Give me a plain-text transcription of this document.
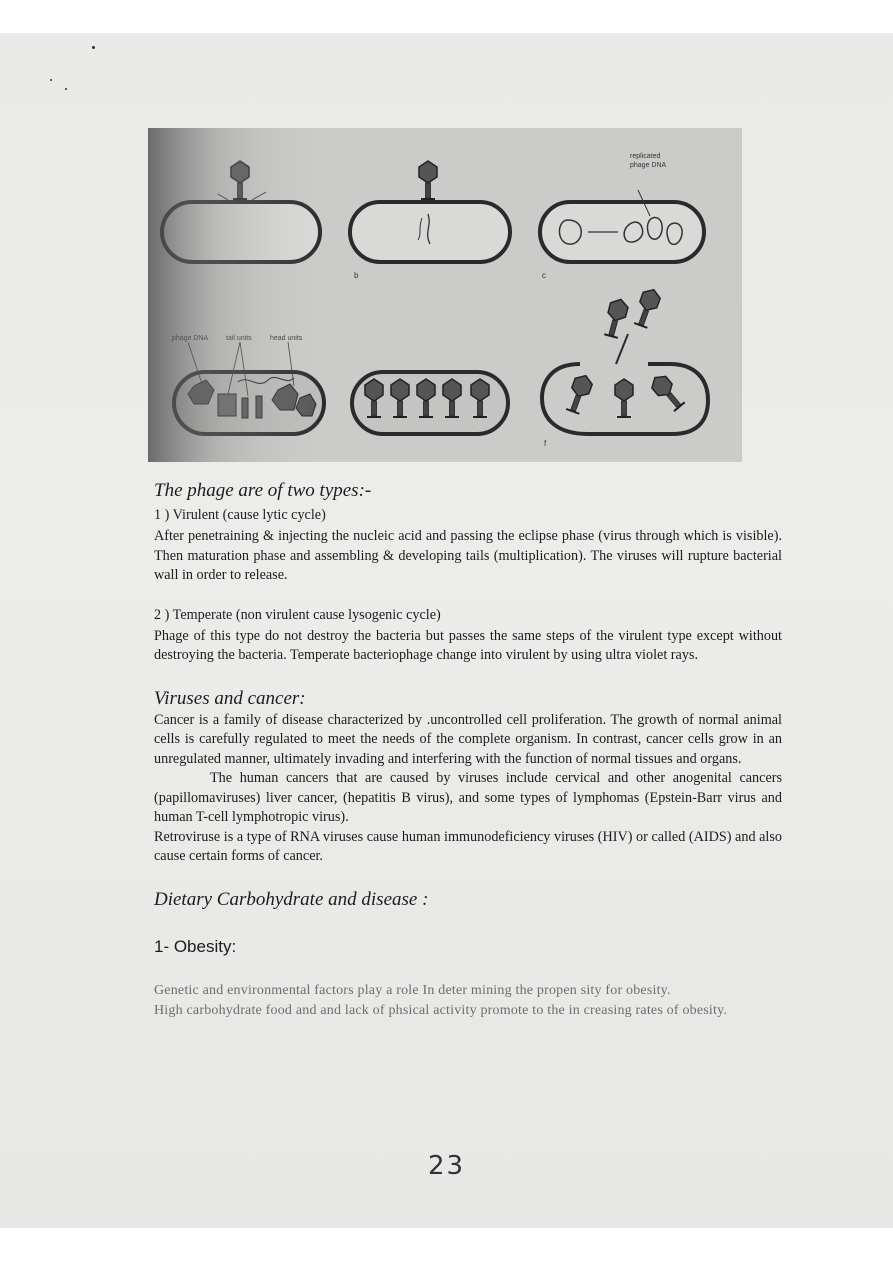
The phage are of two types:-

1 ) Virulent (cause lytic cycle)

After penetraining & injecting the nucleic acid and passing the eclipse phase (virus through which is visible). Then maturation phase and assembling & developing tails (multiplication). The viruses will rupture bacterial wall in order to release.

2 ) Temperate (non virulent cause lysogenic cycle)

Phage of this type do not destroy the bacteria but passes the same steps of the virulent type except without destroying the bacteria. Temperate bacteriophage change into virulent by using ultra violet rays.

Viruses and cancer:

Cancer is a family of disease characterized by .uncontrolled cell proliferation. The growth of normal animal cells is carefully regulated to meet the needs of the complete organism. In contrast, cancer cells grow in an unregulated manner, ultimately invading and interfering with the function of normal tissues and organs.

The human cancers that are caused by viruses include cervical and other anogenital cancers (papillomaviruses) liver cancer, (hepatitis B virus), and some types of lymphomas (Epstein-Barr virus and human T-cell lymphotropic virus).

Retroviruse is a type of RNA viruses cause human immunodeficiency viruses (HIV) or called (AIDS) and also cause certain forms of cancer.

Dietary Carbohydrate and disease :

1- Obesity:

Genetic and environmental factors play a role In deter mining the propen sity for obesity.

High carbohydrate food and and lack of phsical activity promote to the in creasing rates of obesity.

23
